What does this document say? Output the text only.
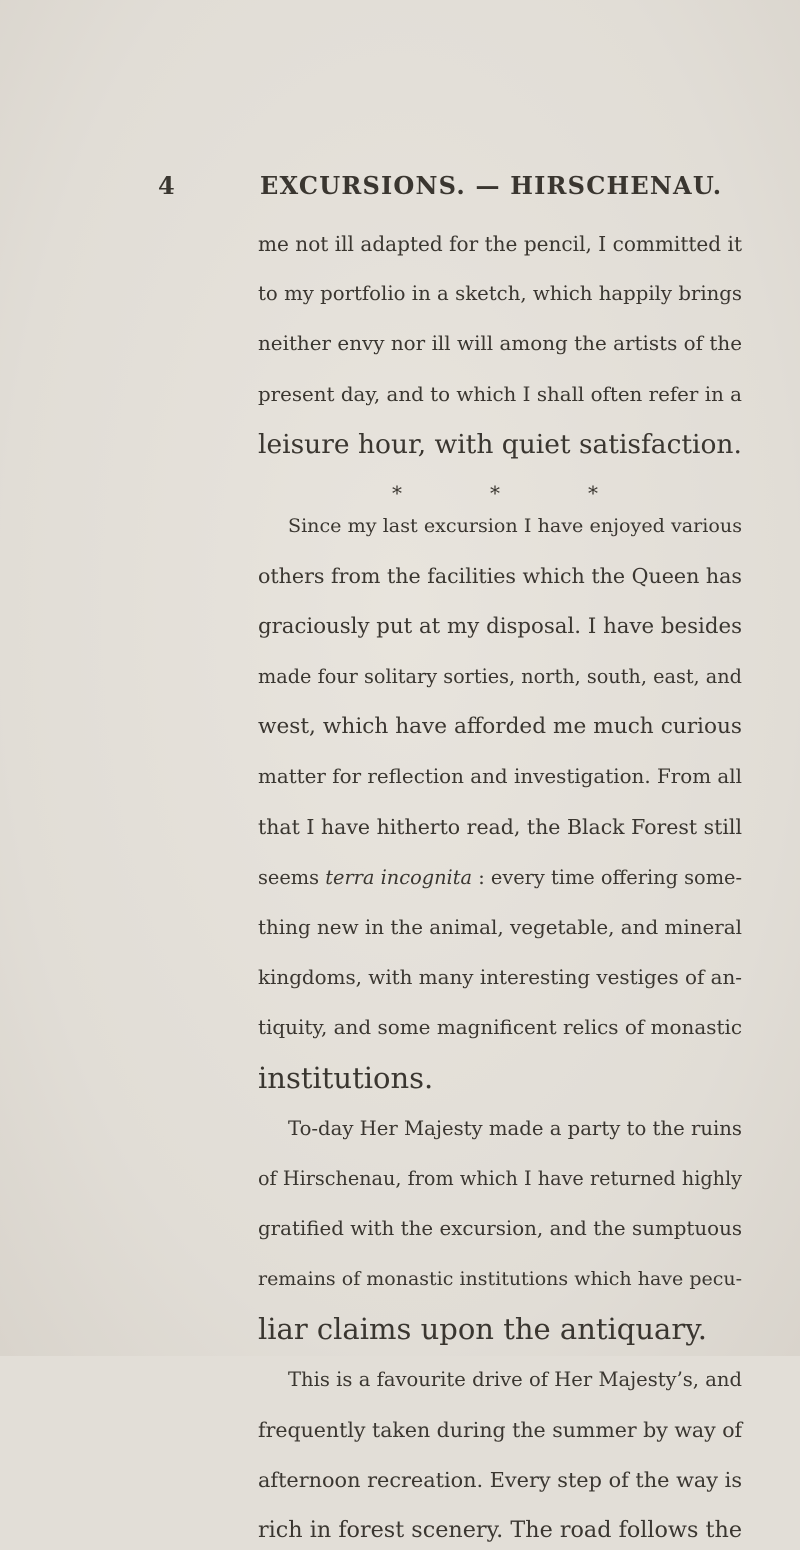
4	EXCURSIONS. — HIRSCHENAU.
me not ill adapted for the pencil, I committed it
to my portfolio in a sketch, which happily brings
neither envy nor ill will among the artists of the
present day, and to which I shall often refer in a
leisure hour, with quiet satisfaction.
*	*	*
Since my last excursion I have enjoyed various
others from the facilities which the Queen has
graciously put at my disposal. I have besides
made four solitary sorties, north, south, east, and
west, which have afforded me much curious
matter for reflection and investigation. From all
that I have hitherto read, the Black Forest still
seems terra incognita : every time offering some-
thing new in the animal, vegetable, and mineral
kingdoms, with many interesting vestiges of an-
tiquity, and some magnificent relics of monastic
institutions.
To-day Her Majesty made a party to the ruins
of Hirschenau, from which I have returned highly
gratified with the excursion, and the sumptuous
remains of monastic institutions which have pecu-
liar claims upon the antiquary.
This is a favourite drive of Her Majesty’s, and
frequently taken during the summer by way of
afternoon recreation. Every step of the way is
rich in forest scenery. The road follows the
